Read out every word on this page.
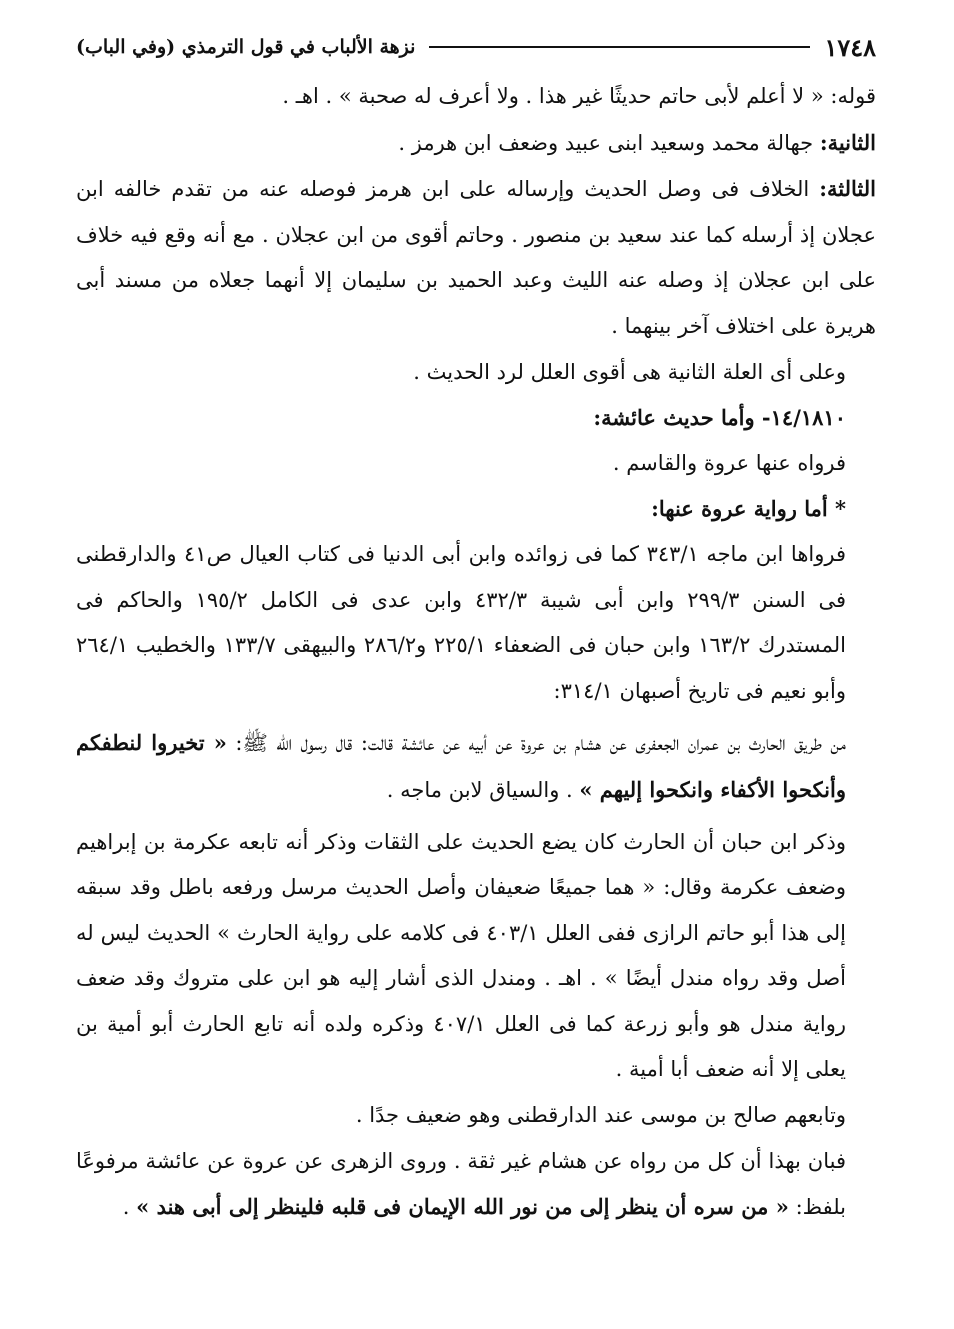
١٧٤٨
نزهة الألباب في قول الترمذي (وفي الباب)

قوله: « لا أعلم لأبى حاتم حديثًا غير هذا . ولا أعرف له صحبة » . اهـ .

الثانية: جهالة محمد وسعيد ابنى عبيد وضعف ابن هرمز .

الثالثة: الخلاف فى وصل الحديث وإرساله على ابن هرمز فوصله عنه من تقدم خالفه ابن عجلان إذ أرسله كما عند سعيد بن منصور . وحاتم أقوى من ابن عجلان . مع أنه وقع فيه خلاف على ابن عجلان إذ وصله عنه الليث وعبد الحميد بن سليمان إلا أنهما جعلاه من مسند أبى هريرة على اختلاف آخر بينهما .

وعلى أى العلة الثانية هى أقوى العلل لرد الحديث .

١٤/١٨١٠- وأما حديث عائشة:

فرواه عنها عروة والقاسم .

* أما رواية عروة عنها:

فرواها ابن ماجه ٣٤٣/١ كما فى زوائده وابن أبى الدنيا فى كتاب العيال ص٤١ والدارقطنى فى السنن ٢٩٩/٣ وابن أبى شيبة ٤٣٢/٣ وابن عدى فى الكامل ١٩٥/٢ والحاكم فى المستدرك ١٦٣/٢ وابن حبان فى الضعفاء ٢٢٥/١ و٢٨٦/٢ والبيهقى ١٣٣/٧ والخطيب ٢٦٤/١ وأبو نعيم فى تاريخ أصبهان ٣١٤/١:

من طريق الحارث بن عمران الجعفرى عن هشام بن عروة عن أبيه عن عائشة قالت: قال رسول الله ﷺ: « تخيروا لنطفكم وأنكحوا الأكفاء وانكحوا إليهم » . والسياق لابن ماجه .

وذكر ابن حبان أن الحارث كان يضع الحديث على الثقات وذكر أنه تابعه عكرمة بن إبراهيم وضعف عكرمة وقال: « هما جميعًا ضعيفان وأصل الحديث مرسل ورفعه باطل وقد سبقه إلى هذا أبو حاتم الرازى ففى العلل ٤٠٣/١ فى كلامه على رواية الحارث » الحديث ليس له أصل وقد رواه مندل أيضًا » . اهـ . ومندل الذى أشار إليه هو ابن على متروك وقد ضعف رواية مندل هو وأبو زرعة كما فى العلل ٤٠٧/١ وذكره ولده أنه تابع الحارث أبو أمية بن يعلى إلا أنه ضعف أبا أمية .

وتابعهم صالح بن موسى عند الدارقطنى وهو ضعيف جدًا .

فبان بهذا أن كل من رواه عن هشام غير ثقة . وروى الزهرى عن عروة عن عائشة مرفوعًا بلفظ: « من سره أن ينظر إلى من نور الله الإيمان فى قلبه فلينظر إلى أبى هند » .
